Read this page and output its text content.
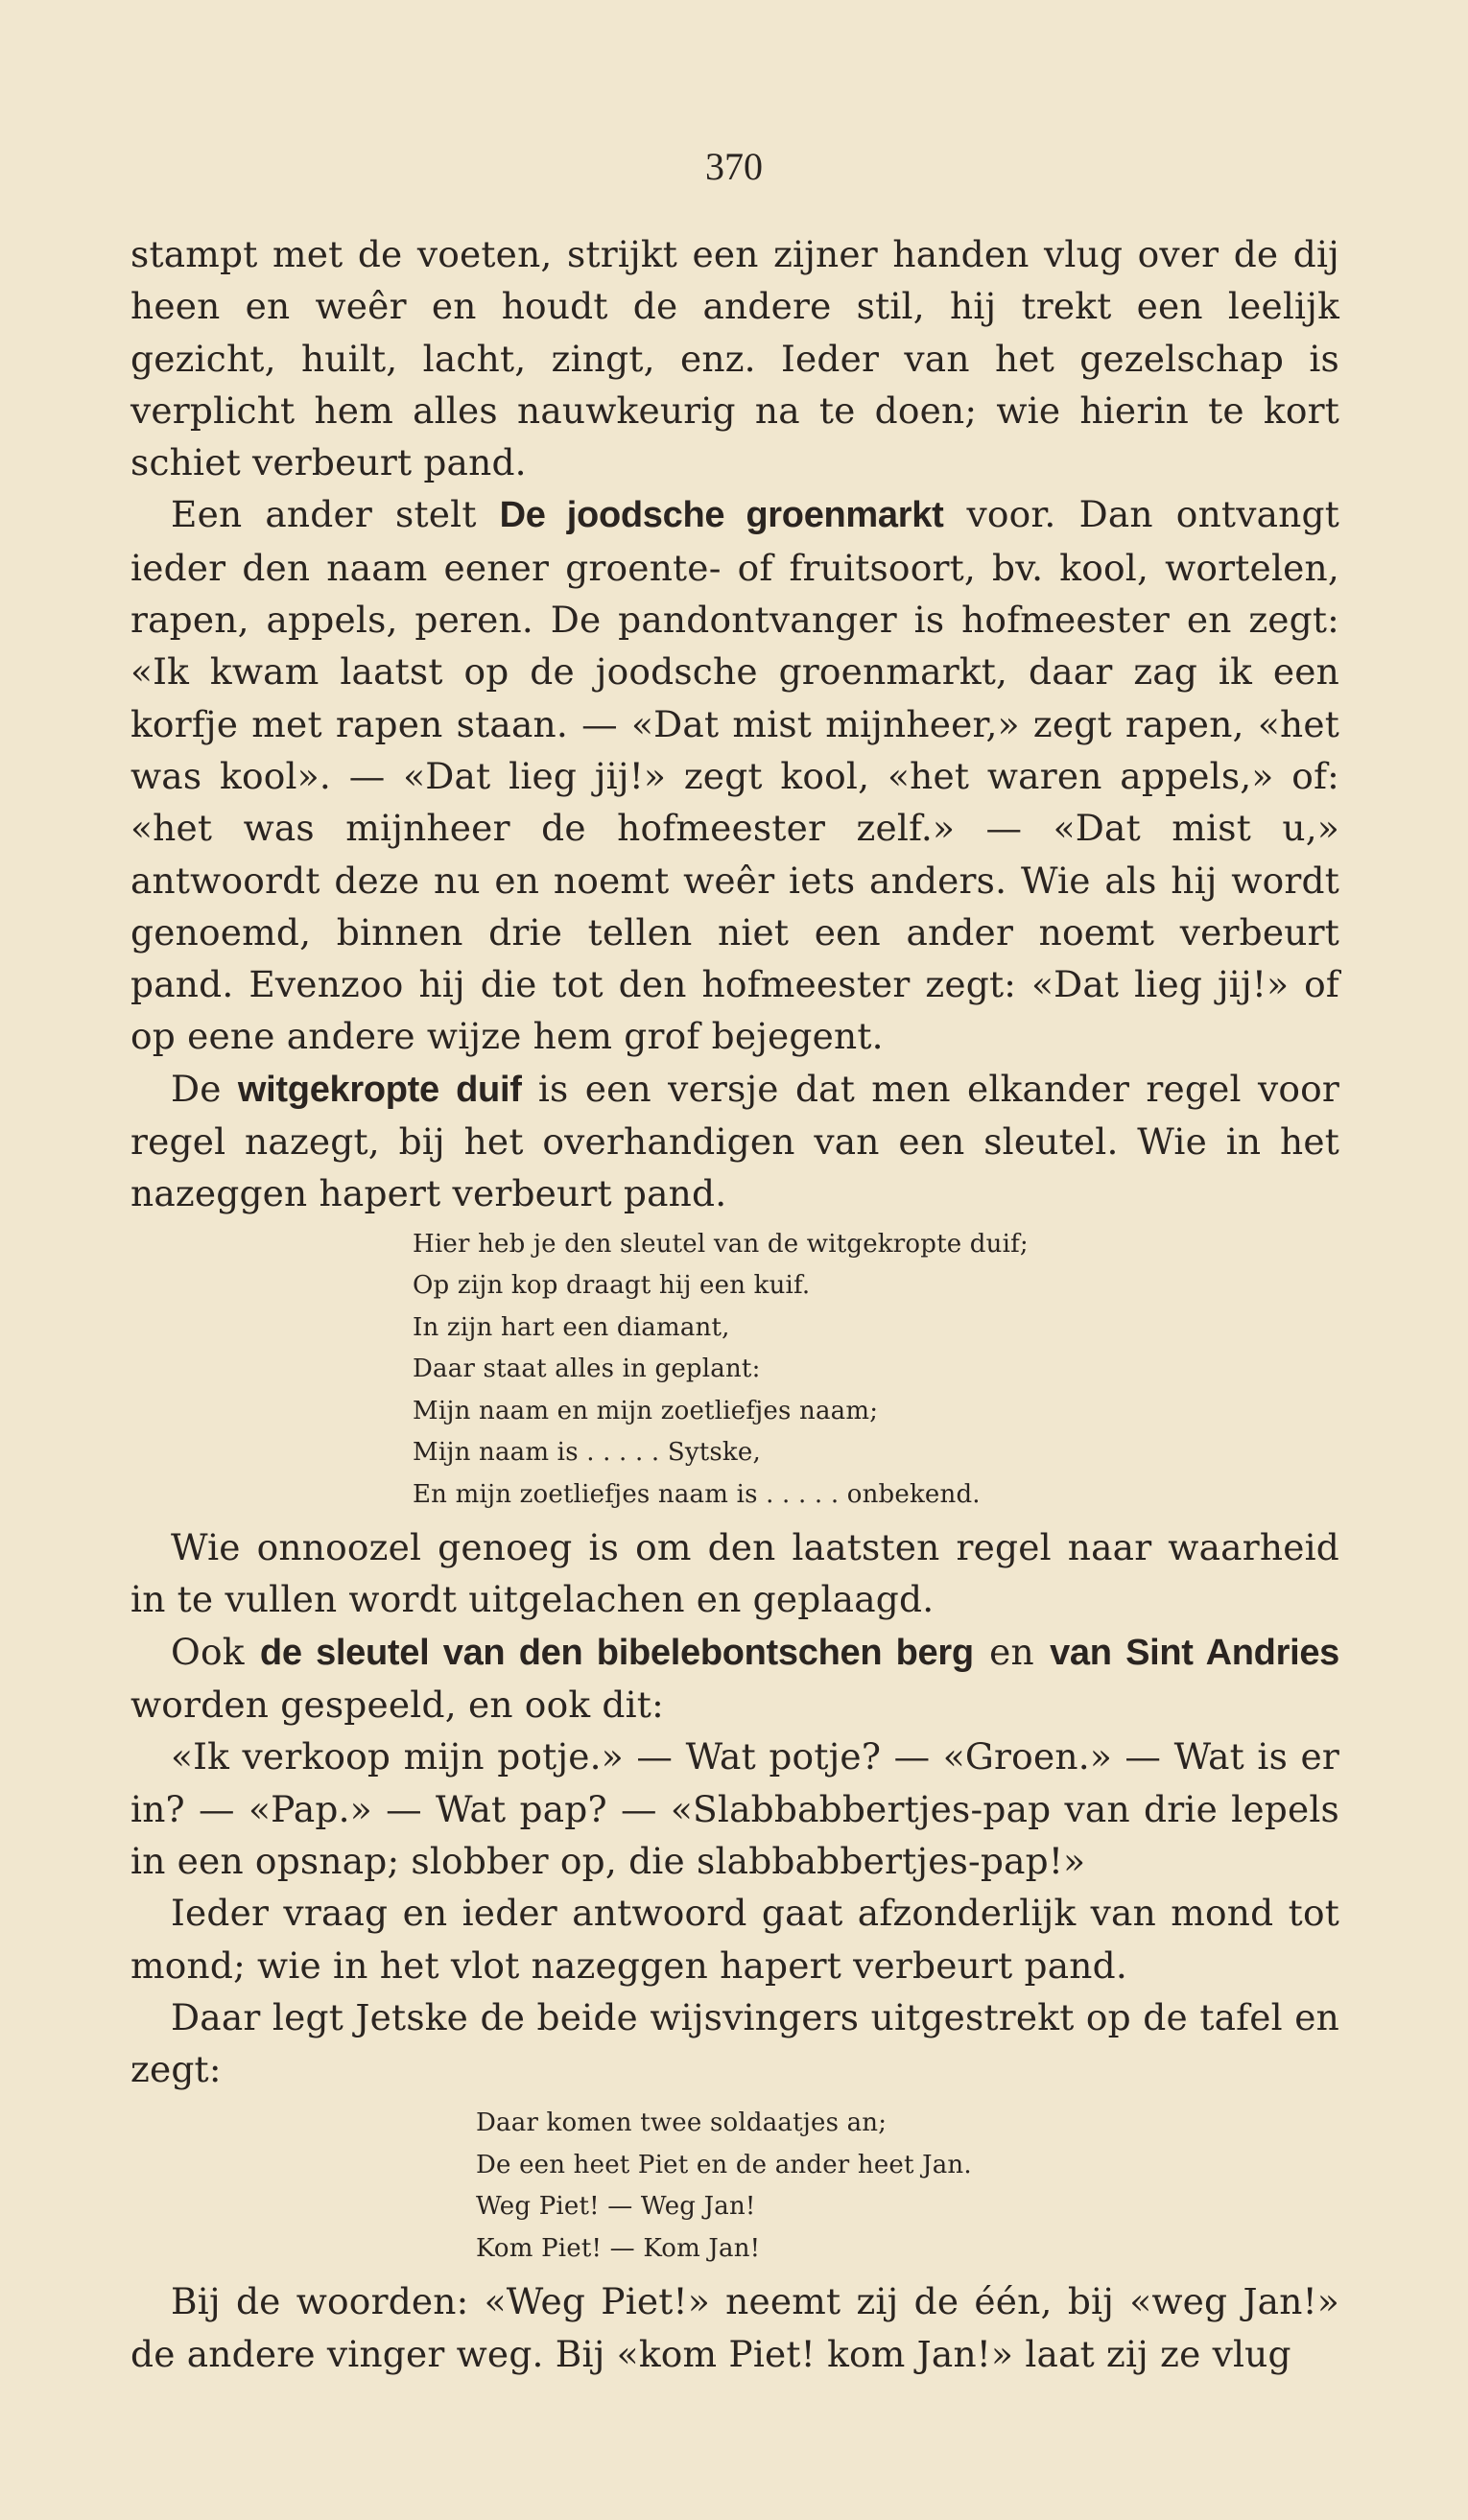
370

stampt met de voeten, strijkt een zijner handen vlug over de dij heen en weêr en houdt de andere stil, hij trekt een leelijk gezicht, huilt, lacht, zingt, enz. Ieder van het gezelschap is verplicht hem alles nauwkeurig na te doen; wie hierin te kort schiet verbeurt pand.

Een ander stelt De joodsche groenmarkt voor. Dan ontvangt ieder den naam eener groente- of fruitsoort, bv. kool, wortelen, rapen, appels, peren. De pandontvanger is hofmeester en zegt: «Ik kwam laatst op de joodsche groenmarkt, daar zag ik een korfje met rapen staan. — «Dat mist mijnheer,» zegt rapen, «het was kool». — «Dat lieg jij!» zegt kool, «het waren appels,» of: «het was mijnheer de hofmeester zelf.» — «Dat mist u,» antwoordt deze nu en noemt weêr iets anders. Wie als hij wordt genoemd, binnen drie tellen niet een ander noemt verbeurt pand. Evenzoo hij die tot den hofmeester zegt: «Dat lieg jij!» of op eene andere wijze hem grof bejegent.

De witgekropte duif is een versje dat men elkander regel voor regel nazegt, bij het overhandigen van een sleutel. Wie in het nazeggen hapert verbeurt pand.

Hier heb je den sleutel van de witgekropte duif;
Op zijn kop draagt hij een kuif.
In zijn hart een diamant,
Daar staat alles in geplant:
Mijn naam en mijn zoetliefjes naam;
Mijn naam is . . . . . Sytske,
En mijn zoetliefjes naam is . . . . . onbekend.

Wie onnoozel genoeg is om den laatsten regel naar waarheid in te vullen wordt uitgelachen en geplaagd.

Ook de sleutel van den bibelebontschen berg en van Sint Andries worden gespeeld, en ook dit:

«Ik verkoop mijn potje.» — Wat potje? — «Groen.» — Wat is er in? — «Pap.» — Wat pap? — «Slabbabbertjes-pap van drie lepels in een opsnap; slobber op, die slabbabbertjes-pap!»

Ieder vraag en ieder antwoord gaat afzonderlijk van mond tot mond; wie in het vlot nazeggen hapert verbeurt pand.

Daar legt Jetske de beide wijsvingers uitgestrekt op de tafel en zegt:

Daar komen twee soldaatjes an;
De een heet Piet en de ander heet Jan.
Weg Piet! — Weg Jan!
Kom Piet! — Kom Jan!

Bij de woorden: «Weg Piet!» neemt zij de één, bij «weg Jan!» de andere vinger weg. Bij «kom Piet! kom Jan!» laat zij ze vlug
